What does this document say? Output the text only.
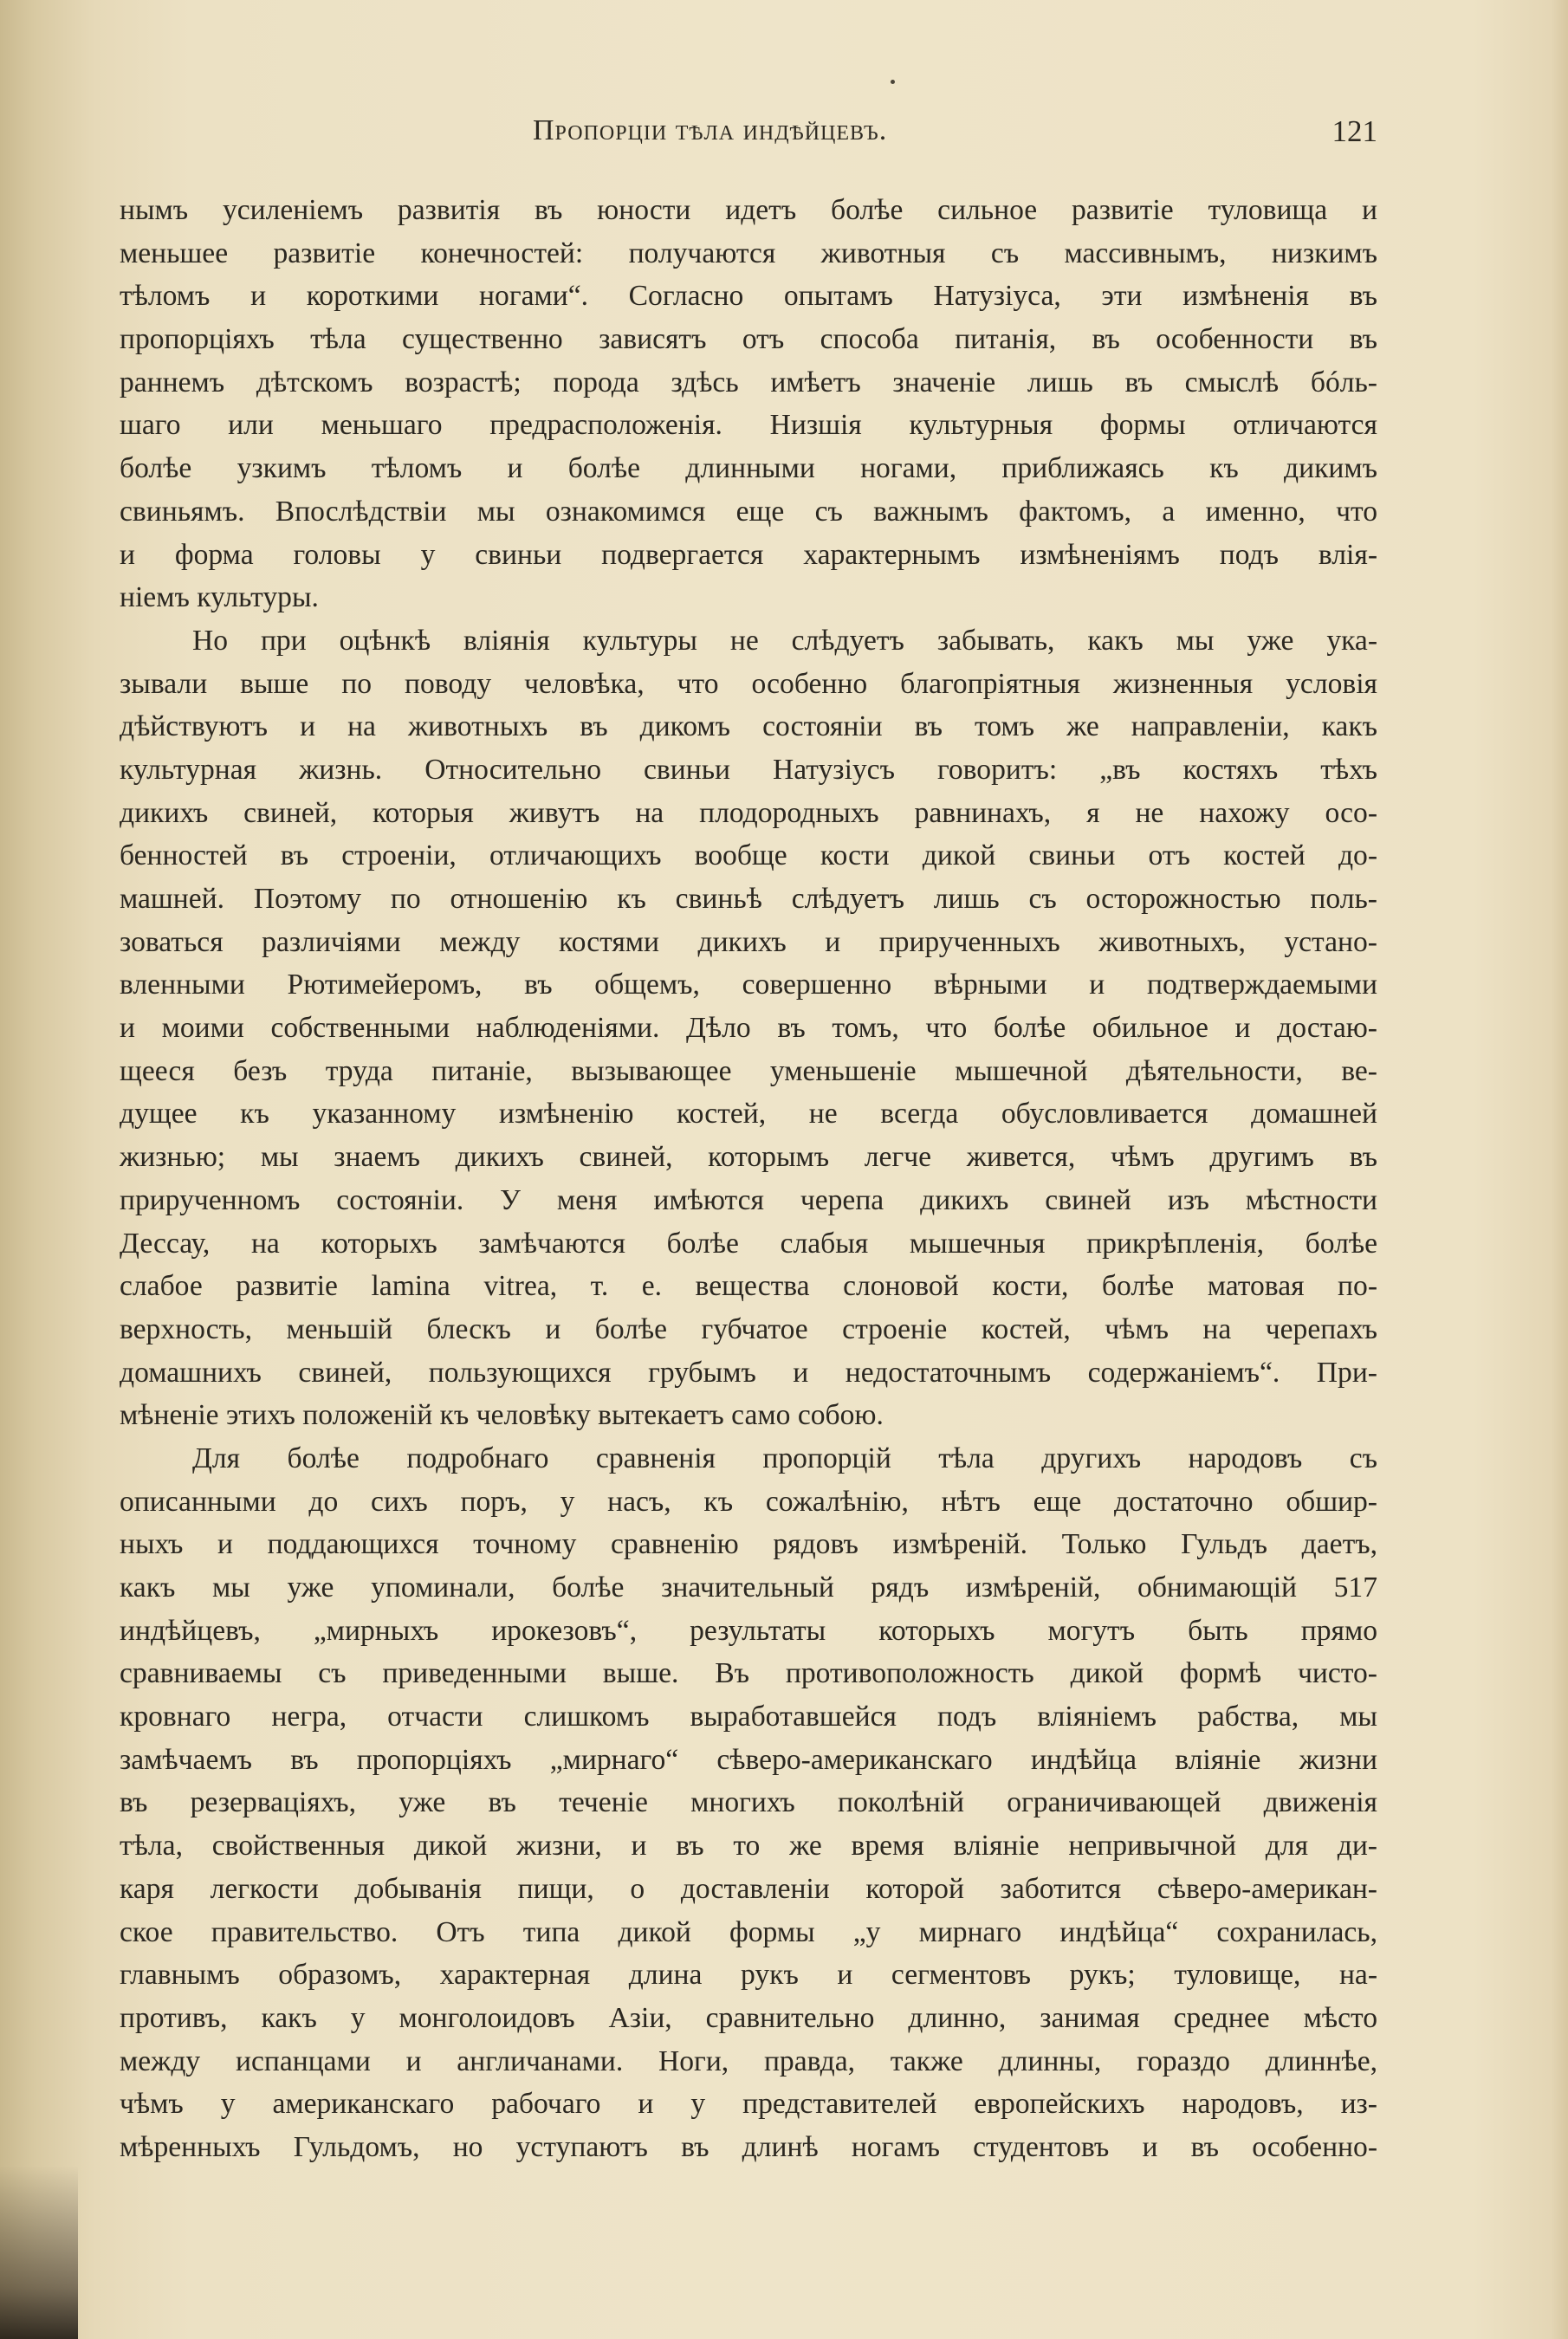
Пропорціи тѣла индѣйцевъ.	121
нымъ усиленіемъ развитія въ юности идетъ болѣе сильное развитіе туловища и
меньшее развитіе конечностей: получаются животныя съ массивнымъ, низкимъ
тѣломъ и короткими ногами“. Согласно опытамъ Натузіуса, эти измѣненія въ
пропорціяхъ тѣла существенно зависятъ отъ способа питанія, въ особенности въ
раннемъ дѣтскомъ возрастѣ; порода здѣсь имѣетъ значеніе лишь въ смыслѣ бóль-
шаго или меньшаго предрасположенія. Низшія культурныя формы отличаются
болѣе узкимъ тѣломъ и болѣе длинными ногами, приближаясь къ дикимъ
свиньямъ. Впослѣдствіи мы ознакомимся еще съ важнымъ фактомъ, а именно, что
и форма головы у свиньи подвергается характернымъ измѣненіямъ подъ влія-
ніемъ культуры.
Но при оцѣнкѣ вліянія культуры не слѣдуетъ забывать, какъ мы уже ука-
зывали выше по поводу человѣка, что особенно благопріятныя жизненныя условія
дѣйствуютъ и на животныхъ въ дикомъ состояніи въ томъ же направленіи, какъ
культурная жизнь. Относительно свиньи Натузіусъ говоритъ: „въ костяхъ тѣхъ
дикихъ свиней, которыя живутъ на плодородныхъ равнинахъ, я не нахожу осо-
бенностей въ строеніи, отличающихъ вообще кости дикой свиньи отъ костей до-
машней. Поэтому по отношенію къ свиньѣ слѣдуетъ лишь съ осторожностью поль-
зоваться различіями между костями дикихъ и прирученныхъ животныхъ, устано-
вленными Рютимейеромъ, въ общемъ, совершенно вѣрными и подтверждаемыми
и моими собственными наблюденіями. Дѣло въ томъ, что болѣе обильное и достаю-
щееся безъ труда питаніе, вызывающее уменьшеніе мышечной дѣятельности, ве-
дущее къ указанному измѣненію костей, не всегда обусловливается домашней
жизнью; мы знаемъ дикихъ свиней, которымъ легче живется, чѣмъ другимъ въ
прирученномъ состояніи. У меня имѣются черепа дикихъ свиней изъ мѣстности
Дессау, на которыхъ замѣчаются болѣе слабыя мышечныя прикрѣпленія, болѣе
слабое развитіе lamina vitrea, т. е. вещества слоновой кости, болѣе матовая по-
верхность, меньшій блескъ и болѣе губчатое строеніе костей, чѣмъ на черепахъ
домашнихъ свиней, пользующихся грубымъ и недостаточнымъ содержаніемъ“. При-
мѣненіе этихъ положеній къ человѣку вытекаетъ само собою.
Для болѣе подробнаго сравненія пропорцій тѣла другихъ народовъ съ
описанными до сихъ поръ, у насъ, къ сожалѣнію, нѣтъ еще достаточно обшир-
ныхъ и поддающихся точному сравненію рядовъ измѣреній. Только Гульдъ даетъ,
какъ мы уже упоминали, болѣе значительный рядъ измѣреній, обнимающій 517
индѣйцевъ, „мирныхъ ирокезовъ“, результаты которыхъ могутъ быть прямо
сравниваемы съ приведенными выше. Въ противоположность дикой формѣ чисто-
кровнаго негра, отчасти слишкомъ выработавшейся подъ вліяніемъ рабства, мы
замѣчаемъ въ пропорціяхъ „мирнаго“ сѣверо-американскаго индѣйца вліяніе жизни
въ резерваціяхъ, уже въ теченіе многихъ поколѣній ограничивающей движенія
тѣла, свойственныя дикой жизни, и въ то же время вліяніе непривычной для ди-
каря легкости добыванія пищи, о доставленіи которой заботится сѣверо-американ-
ское правительство. Отъ типа дикой формы „у мирнаго индѣйца“ сохранилась,
главнымъ образомъ, характерная длина рукъ и сегментовъ рукъ; туловище, на-
противъ, какъ у монголоидовъ Азіи, сравнительно длинно, занимая среднее мѣсто
между испанцами и англичанами. Ноги, правда, также длинны, гораздо длиннѣе,
чѣмъ у американскаго рабочаго и у представителей европейскихъ народовъ, из-
мѣренныхъ Гульдомъ, но уступаютъ въ длинѣ ногамъ студентовъ и въ особенно-
